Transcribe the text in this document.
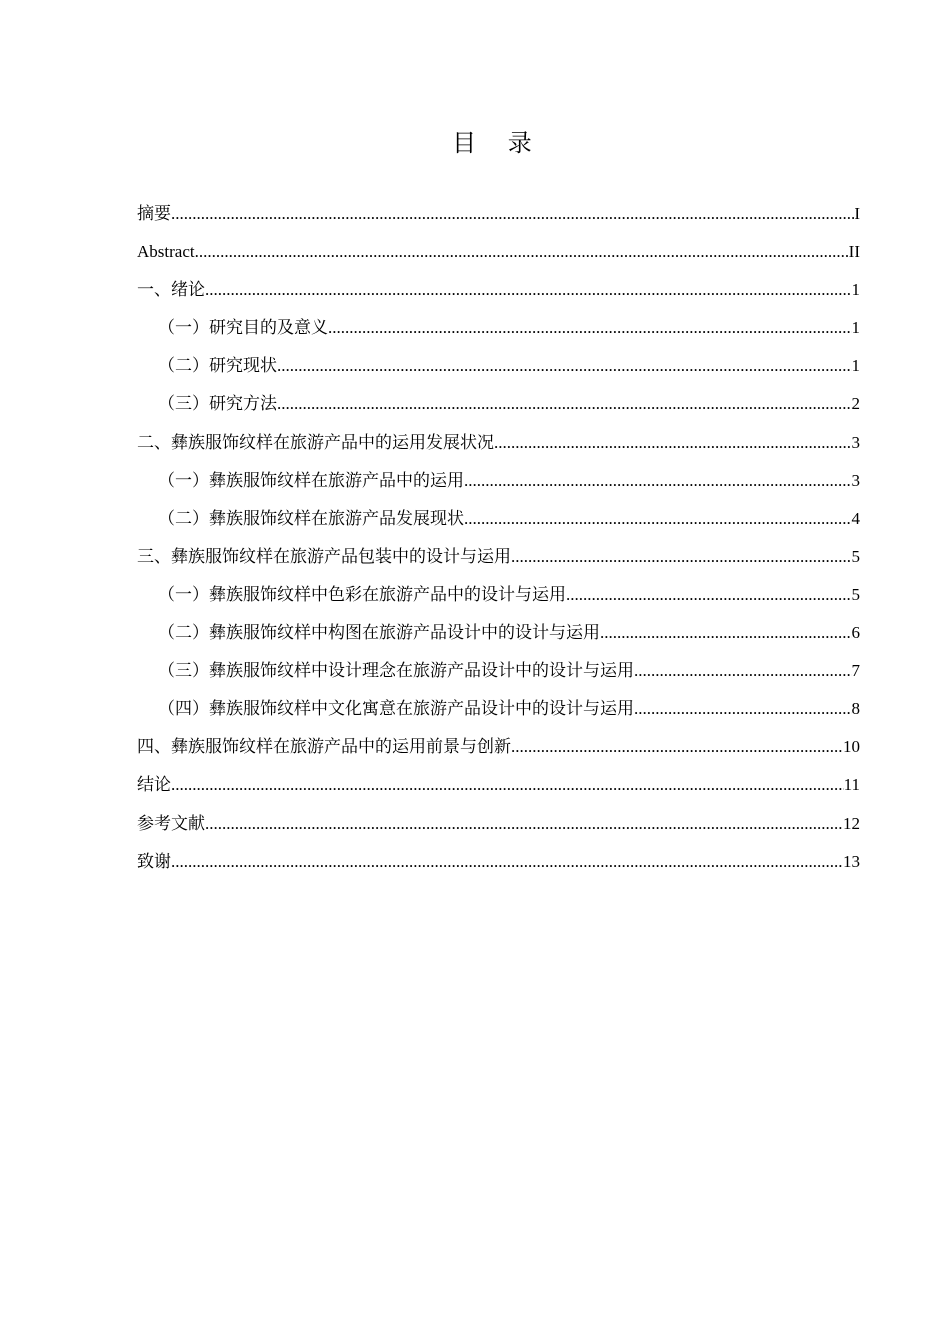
目 录
摘要 .....	I
Abstract .....	II
一、绪论 .....	1
（一）研究目的及意义 .....	1
（二）研究现状 .....	1
（三）研究方法 .....	2
二、彝族服饰纹样在旅游产品中的运用发展状况 .....	3
（一）彝族服饰纹样在旅游产品中的运用 .....	3
（二）彝族服饰纹样在旅游产品发展现状 .....	4
三、彝族服饰纹样在旅游产品包装中的设计与运用 .....	5
（一）彝族服饰纹样中色彩在旅游产品中的设计与运用 .....	5
（二）彝族服饰纹样中构图在旅游产品设计中的设计与运用 .....	6
（三）彝族服饰纹样中设计理念在旅游产品设计中的设计与运用 .....	7
（四）彝族服饰纹样中文化寓意在旅游产品设计中的设计与运用 .....	8
四、彝族服饰纹样在旅游产品中的运用前景与创新 .....	10
结论 .....	11
参考文献 .....	12
致谢 .....	13
